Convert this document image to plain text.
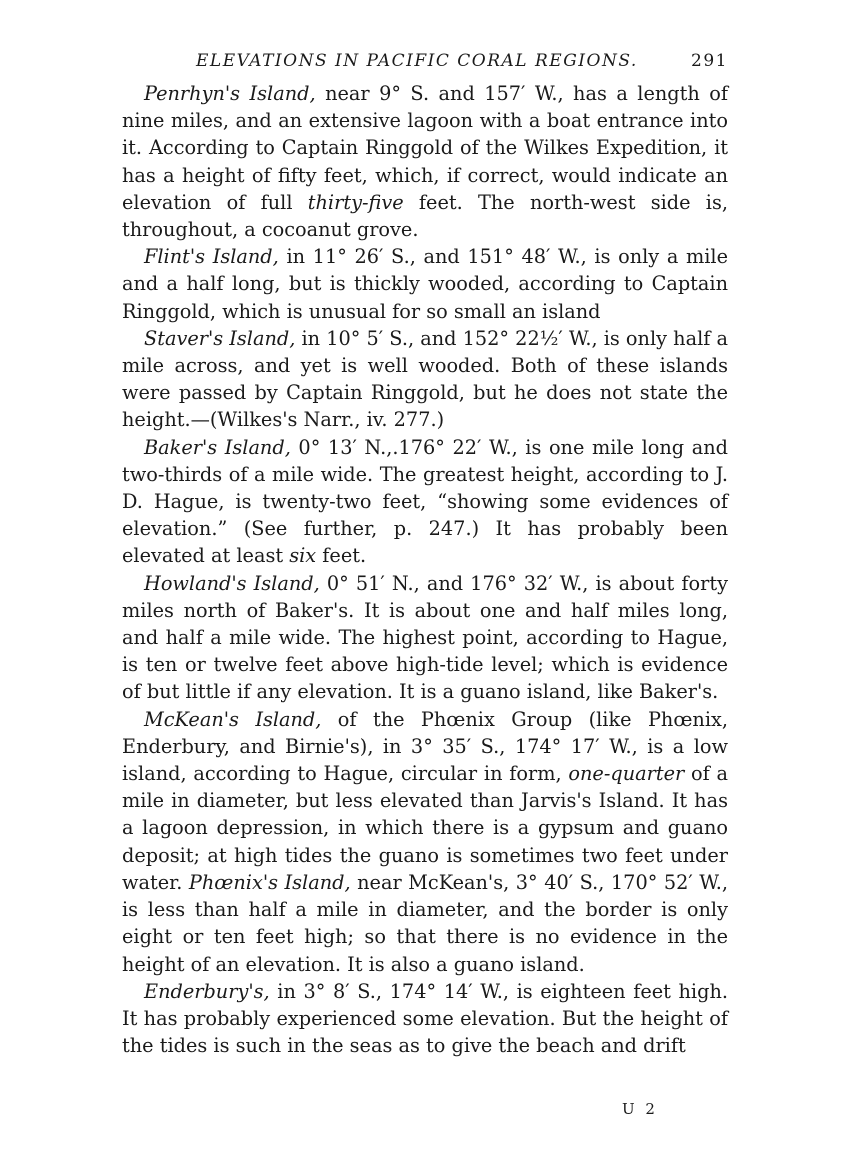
ELEVATIONS IN PACIFIC CORAL REGIONS.	291

Penrhyn's Island, near 9° S. and 157′ W., has a length of nine miles, and an extensive lagoon with a boat entrance into it. According to Captain Ringgold of the Wilkes Expedition, it has a height of fifty feet, which, if correct, would indicate an elevation of full thirty-five feet. The north-west side is, throughout, a cocoanut grove.

Flint's Island, in 11° 26′ S., and 151° 48′ W., is only a mile and a half long, but is thickly wooded, according to Captain Ringgold, which is unusual for so small an island

Staver's Island, in 10° 5′ S., and 152° 22½′ W., is only half a mile across, and yet is well wooded. Both of these islands were passed by Captain Ringgold, but he does not state the height.—(Wilkes's Narr., iv. 277.)

Baker's Island, 0° 13′ N.,.176° 22′ W., is one mile long and two-thirds of a mile wide. The greatest height, according to J. D. Hague, is twenty-two feet, “showing some evidences of elevation.” (See further, p. 247.) It has probably been elevated at least six feet.

Howland's Island, 0° 51′ N., and 176° 32′ W., is about forty miles north of Baker's. It is about one and half miles long, and half a mile wide. The highest point, according to Hague, is ten or twelve feet above high-tide level; which is evidence of but little if any elevation. It is a guano island, like Baker's.

McKean's Island, of the Phœnix Group (like Phœnix, Enderbury, and Birnie's), in 3° 35′ S., 174° 17′ W., is a low island, according to Hague, circular in form, one-quarter of a mile in diameter, but less elevated than Jarvis's Island. It has a lagoon depression, in which there is a gypsum and guano deposit; at high tides the guano is sometimes two feet under water. Phœnix's Island, near McKean's, 3° 40′ S., 170° 52′ W., is less than half a mile in diameter, and the border is only eight or ten feet high; so that there is no evidence in the height of an elevation. It is also a guano island.

Enderbury's, in 3° 8′ S., 174° 14′ W., is eighteen feet high. It has probably experienced some elevation. But the height of the tides is such in the seas as to give the beach and drift

U 2
